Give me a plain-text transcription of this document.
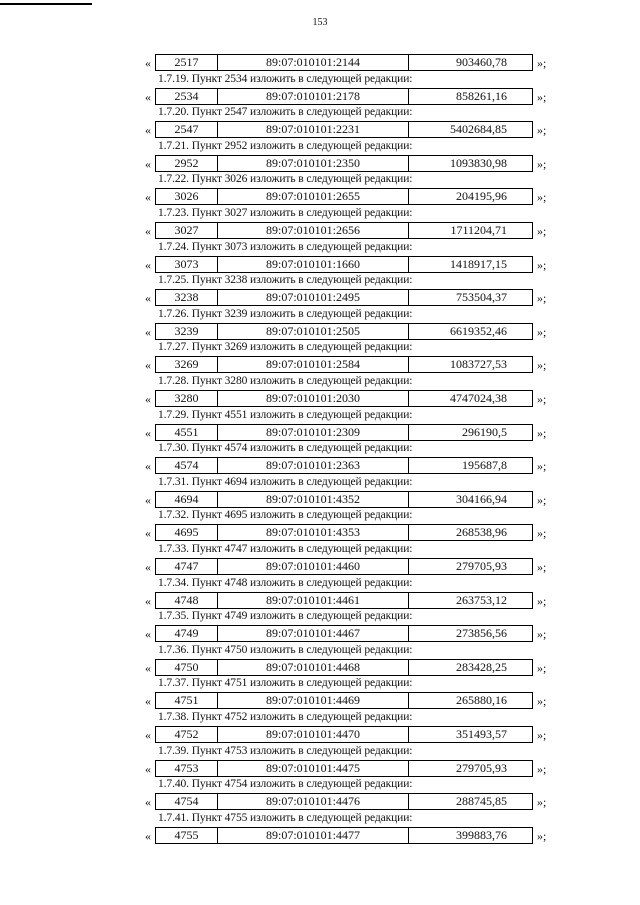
153
«	2517	89:07:010101:2144	903460,78	»;
1.7.19. Пункт 2534 изложить в следующей редакции:
«	2534	89:07:010101:2178	858261,16	»;
1.7.20. Пункт 2547 изложить в следующей редакции:
«	2547	89:07:010101:2231	5402684,85	»;
1.7.21. Пункт 2952 изложить в следующей редакции:
«	2952	89:07:010101:2350	1093830,98	»;
1.7.22. Пункт 3026 изложить в следующей редакции:
«	3026	89:07:010101:2655	204195,96	»;
1.7.23. Пункт 3027 изложить в следующей редакции:
«	3027	89:07:010101:2656	1711204,71	»;
1.7.24. Пункт 3073 изложить в следующей редакции:
«	3073	89:07:010101:1660	1418917,15	»;
1.7.25. Пункт 3238 изложить в следующей редакции:
«	3238	89:07:010101:2495	753504,37	»;
1.7.26. Пункт 3239 изложить в следующей редакции:
«	3239	89:07:010101:2505	6619352,46	»;
1.7.27. Пункт 3269 изложить в следующей редакции:
«	3269	89:07:010101:2584	1083727,53	»;
1.7.28. Пункт 3280 изложить в следующей редакции:
«	3280	89:07:010101:2030	4747024,38	»;
1.7.29. Пункт 4551 изложить в следующей редакции:
«	4551	89:07:010101:2309	296190,5	»;
1.7.30. Пункт 4574 изложить в следующей редакции:
«	4574	89:07:010101:2363	195687,8	»;
1.7.31. Пункт 4694 изложить в следующей редакции:
«	4694	89:07:010101:4352	304166,94	»;
1.7.32. Пункт 4695 изложить в следующей редакции:
«	4695	89:07:010101:4353	268538,96	»;
1.7.33. Пункт 4747 изложить в следующей редакции:
«	4747	89:07:010101:4460	279705,93	»;
1.7.34. Пункт 4748 изложить в следующей редакции:
«	4748	89:07:010101:4461	263753,12	»;
1.7.35. Пункт 4749 изложить в следующей редакции:
«	4749	89:07:010101:4467	273856,56	»;
1.7.36. Пункт 4750 изложить в следующей редакции:
«	4750	89:07:010101:4468	283428,25	»;
1.7.37. Пункт 4751 изложить в следующей редакции:
«	4751	89:07:010101:4469	265880,16	»;
1.7.38. Пункт 4752 изложить в следующей редакции:
«	4752	89:07:010101:4470	351493,57	»;
1.7.39. Пункт 4753 изложить в следующей редакции:
«	4753	89:07:010101:4475	279705,93	»;
1.7.40. Пункт 4754 изложить в следующей редакции:
«	4754	89:07:010101:4476	288745,85	»;
1.7.41. Пункт 4755 изложить в следующей редакции:
«	4755	89:07:010101:4477	399883,76	»;
